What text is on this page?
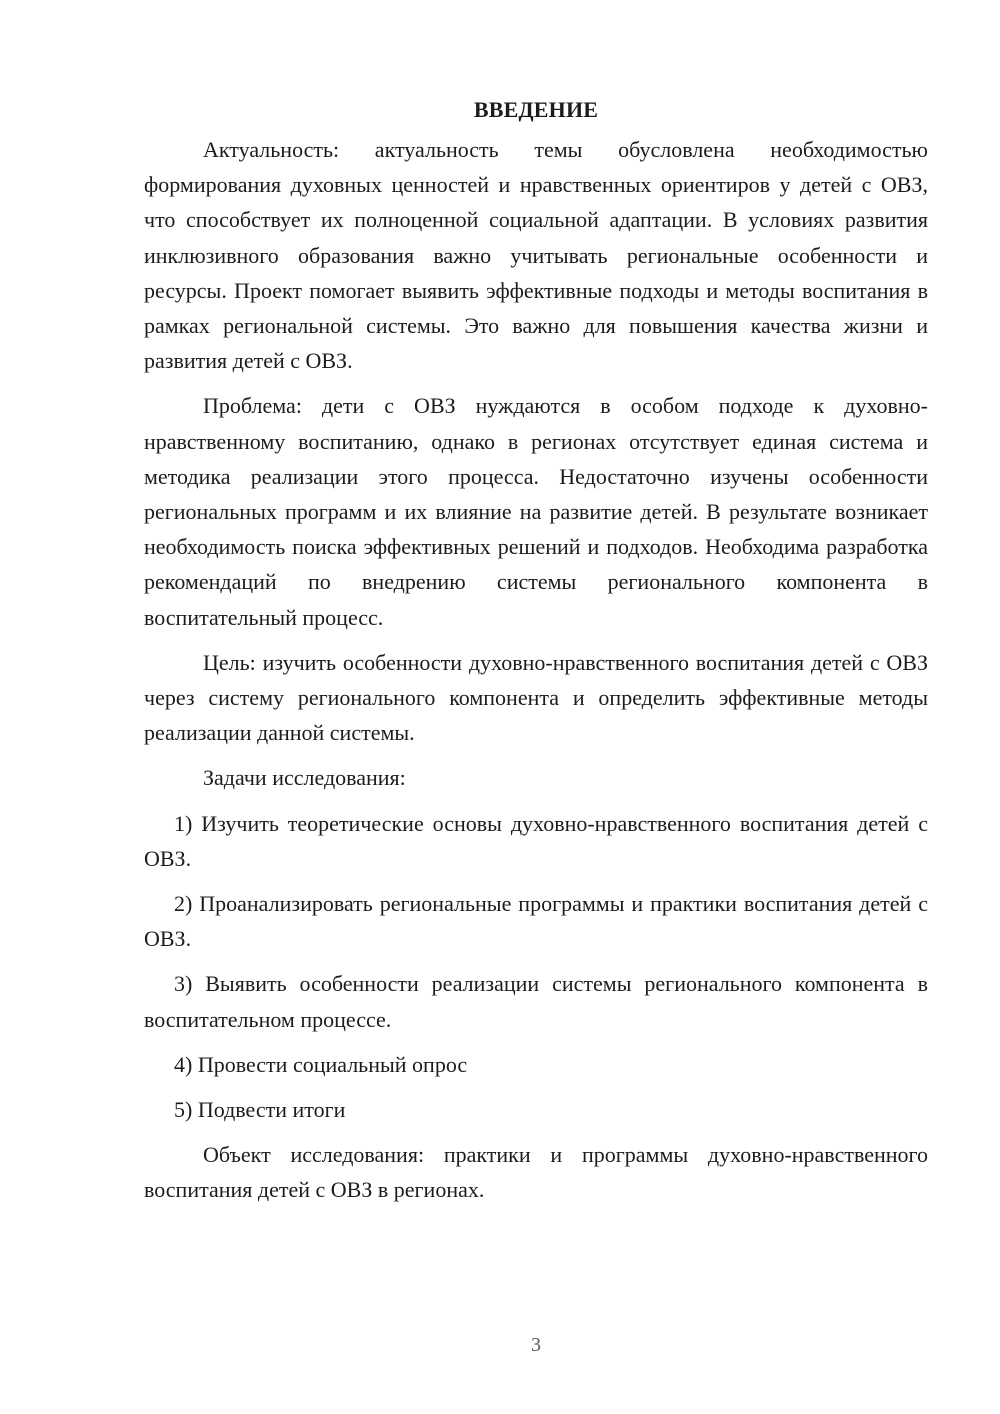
ВВЕДЕНИЕ

Актуальность: актуальность темы обусловлена необходимостью формирования духовных ценностей и нравственных ориентиров у детей с ОВЗ, что способствует их полноценной социальной адаптации. В условиях развития инклюзивного образования важно учитывать региональные особенности и ресурсы. Проект помогает выявить эффективные подходы и методы воспитания в рамках региональной системы. Это важно для повышения качества жизни и развития детей с ОВЗ.

Проблема: дети с ОВЗ нуждаются в особом подходе к духовно-нравственному воспитанию, однако в регионах отсутствует единая система и методика реализации этого процесса. Недостаточно изучены особенности региональных программ и их влияние на развитие детей. В результате возникает необходимость поиска эффективных решений и подходов. Необходима разработка рекомендаций по внедрению системы регионального компонента в воспитательный процесс.

Цель: изучить особенности духовно-нравственного воспитания детей с ОВЗ через систему регионального компонента и определить эффективные методы реализации данной системы.

Задачи исследования:

1) Изучить теоретические основы духовно-нравственного воспитания детей с ОВЗ.

2) Проанализировать региональные программы и практики воспитания детей с ОВЗ.

3) Выявить особенности реализации системы регионального компонента в воспитательном процессе.

4) Провести социальный опрос

5) Подвести итоги

Объект исследования: практики и программы духовно-нравственного воспитания детей с ОВЗ в регионах.

3
